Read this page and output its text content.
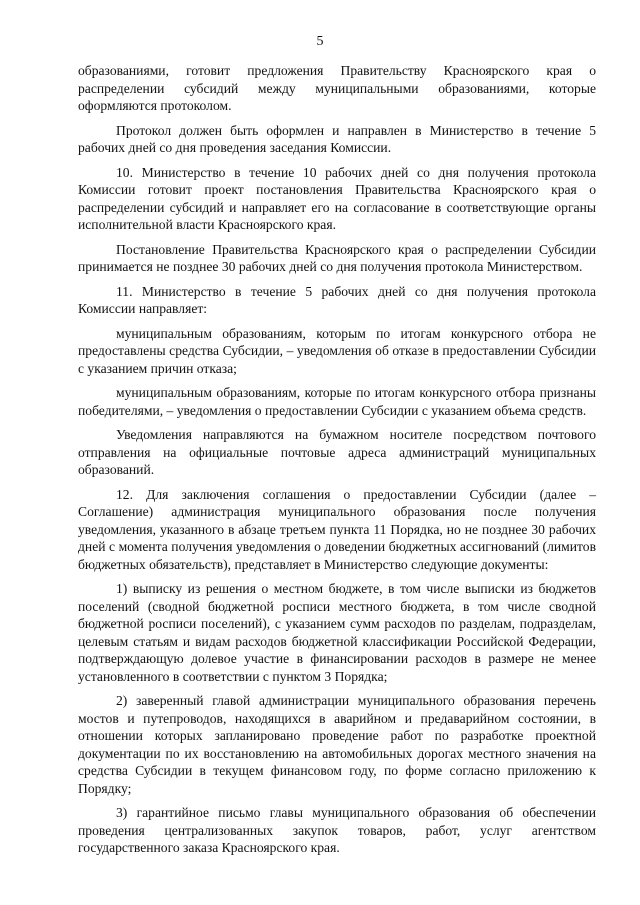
5

образованиями, готовит предложения Правительству Красноярского края о распределении субсидий между муниципальными образованиями, которые оформляются протоколом.

Протокол должен быть оформлен и направлен в Министерство в течение 5 рабочих дней со дня проведения заседания Комиссии.

10. Министерство в течение 10 рабочих дней со дня получения протокола Комиссии готовит проект постановления Правительства Красноярского края о распределении субсидий и направляет его на согласование в соответствующие органы исполнительной власти Красноярского края.

Постановление Правительства Красноярского края о распределении Субсидии принимается не позднее 30 рабочих дней со дня получения протокола Министерством.

11. Министерство в течение 5 рабочих дней со дня получения протокола Комиссии направляет:

муниципальным образованиям, которым по итогам конкурсного отбора не предоставлены средства Субсидии, – уведомления об отказе в предоставлении Субсидии с указанием причин отказа;

муниципальным образованиям, которые по итогам конкурсного отбора признаны победителями, – уведомления о предоставлении Субсидии с указанием объема средств.

Уведомления направляются на бумажном носителе посредством почтового отправления на официальные почтовые адреса администраций муниципальных образований.

12. Для заключения соглашения о предоставлении Субсидии (далее – Соглашение) администрация муниципального образования после получения уведомления, указанного в абзаце третьем пункта 11 Порядка, но не позднее 30 рабочих дней с момента получения уведомления о доведении бюджетных ассигнований (лимитов бюджетных обязательств), представляет в Министерство следующие документы:

1) выписку из решения о местном бюджете, в том числе выписки из бюджетов поселений (сводной бюджетной росписи местного бюджета, в том числе сводной бюджетной росписи поселений), с указанием сумм расходов по разделам, подразделам, целевым статьям и видам расходов бюджетной классификации Российской Федерации, подтверждающую долевое участие в финансировании расходов в размере не менее установленного в соответствии с пунктом 3 Порядка;

2) заверенный главой администрации муниципального образования перечень мостов и путепроводов, находящихся в аварийном и предаварийном состоянии, в отношении которых запланировано проведение работ по разработке проектной документации по их восстановлению на автомобильных дорогах местного значения на средства Субсидии в текущем финансовом году, по форме согласно приложению к Порядку;

3) гарантийное письмо главы муниципального образования об обеспечении проведения централизованных закупок товаров, работ, услуг агентством государственного заказа Красноярского края.
